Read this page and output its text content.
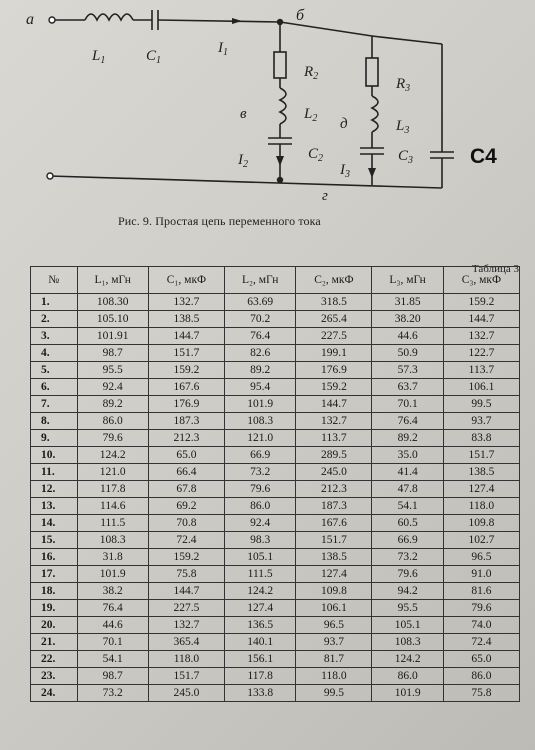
а	б
в
д
г
$L_1$	$C_1$
$I_1$
$R_2$
$L_2$
$C_2$
$I_2$
$R_3$
$L_3$
$C_3$
$I_3$
C4
Рис. 9. Простая цепь переменного тока
Таблица 3
№	L₁, мГн	C₁, мкФ	L₂, мГн	C₂, мкФ	L₃, мГн	C₃, мкФ
1.	108.30	132.7	63.69	318.5	31.85	159.2
2.	105.10	138.5	70.2	265.4	38.20	144.7
3.	101.91	144.7	76.4	227.5	44.6	132.7
4.	98.7	151.7	82.6	199.1	50.9	122.7
5.	95.5	159.2	89.2	176.9	57.3	113.7
6.	92.4	167.6	95.4	159.2	63.7	106.1
7.	89.2	176.9	101.9	144.7	70.1	99.5
8.	86.0	187.3	108.3	132.7	76.4	93.7
9.	79.6	212.3	121.0	113.7	89.2	83.8
10.	124.2	65.0	66.9	289.5	35.0	151.7
11.	121.0	66.4	73.2	245.0	41.4	138.5
12.	117.8	67.8	79.6	212.3	47.8	127.4
13.	114.6	69.2	86.0	187.3	54.1	118.0
14.	111.5	70.8	92.4	167.6	60.5	109.8
15.	108.3	72.4	98.3	151.7	66.9	102.7
16.	31.8	159.2	105.1	138.5	73.2	96.5
17.	101.9	75.8	111.5	127.4	79.6	91.0
18.	38.2	144.7	124.2	109.8	94.2	81.6
19.	76.4	227.5	127.4	106.1	95.5	79.6
20.	44.6	132.7	136.5	96.5	105.1	74.0
21.	70.1	365.4	140.1	93.7	108.3	72.4
22.	54.1	118.0	156.1	81.7	124.2	65.0
23.	98.7	151.7	117.8	118.0	86.0	86.0
24.	73.2	245.0	133.8	99.5	101.9	75.8
